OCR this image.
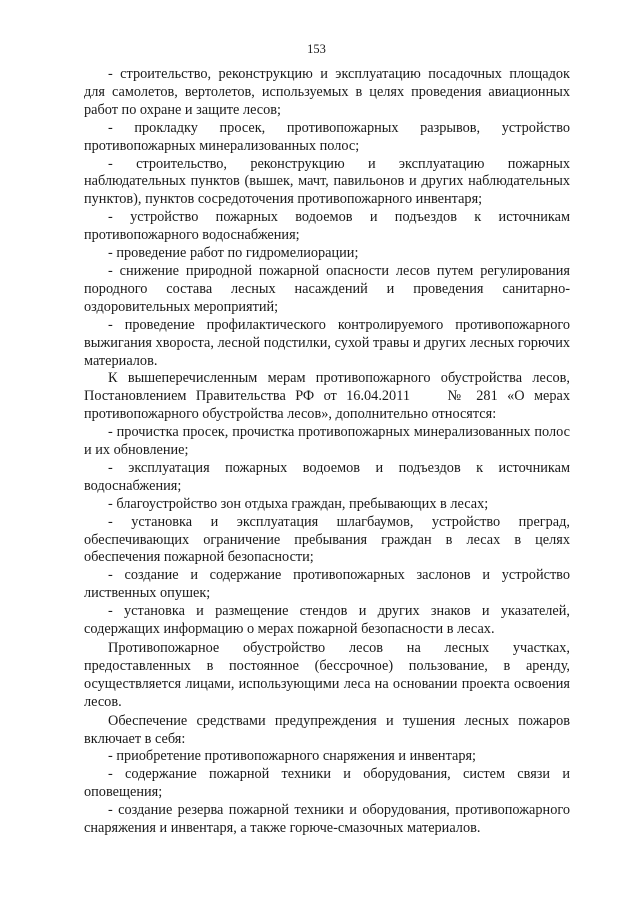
153

- строительство, реконструкцию и эксплуатацию посадочных площадок для самолетов, вертолетов, используемых в целях проведения авиационных работ по охране и защите лесов;

- прокладку просек, противопожарных разрывов, устройство противопожарных минерализованных полос;

- строительство, реконструкцию и эксплуатацию пожарных наблюдательных пунктов (вышек, мачт, павильонов и других наблюдательных пунктов), пунктов сосредоточения противопожарного инвентаря;

- устройство пожарных водоемов и подъездов к источникам противопожарного водоснабжения;

- проведение работ по гидромелиорации;

- снижение природной пожарной опасности лесов путем регулирования породного состава лесных насаждений и проведения санитарно-оздоровительных мероприятий;

- проведение профилактического контролируемого противопожарного выжигания хвороста, лесной подстилки, сухой травы и других лесных горючих материалов.

К вышеперечисленным мерам противопожарного обустройства лесов, Постановлением Правительства РФ от 16.04.2011    № 281 «О мерах противопожарного обустройства лесов», дополнительно относятся:

- прочистка просек, прочистка противопожарных минерализованных полос и их обновление;

- эксплуатация пожарных водоемов и подъездов к источникам водоснабжения;

- благоустройство зон отдыха граждан, пребывающих в лесах;

- установка и эксплуатация шлагбаумов, устройство преград, обеспечивающих ограничение пребывания граждан в лесах в целях обеспечения пожарной безопасности;

- создание и содержание противопожарных заслонов и устройство лиственных опушек;

- установка и размещение стендов и других знаков и указателей, содержащих информацию о мерах пожарной безопасности в лесах.

Противопожарное обустройство лесов на лесных участках, предоставленных в постоянное (бессрочное) пользование, в аренду, осуществляется лицами, использующими леса на основании проекта освоения лесов.

Обеспечение средствами предупреждения и тушения лесных пожаров включает в себя:

- приобретение противопожарного снаряжения и инвентаря;

- содержание пожарной техники и оборудования, систем связи и оповещения;

- создание резерва пожарной техники и оборудования, противопожарного снаряжения и инвентаря, а также горюче-смазочных материалов.
